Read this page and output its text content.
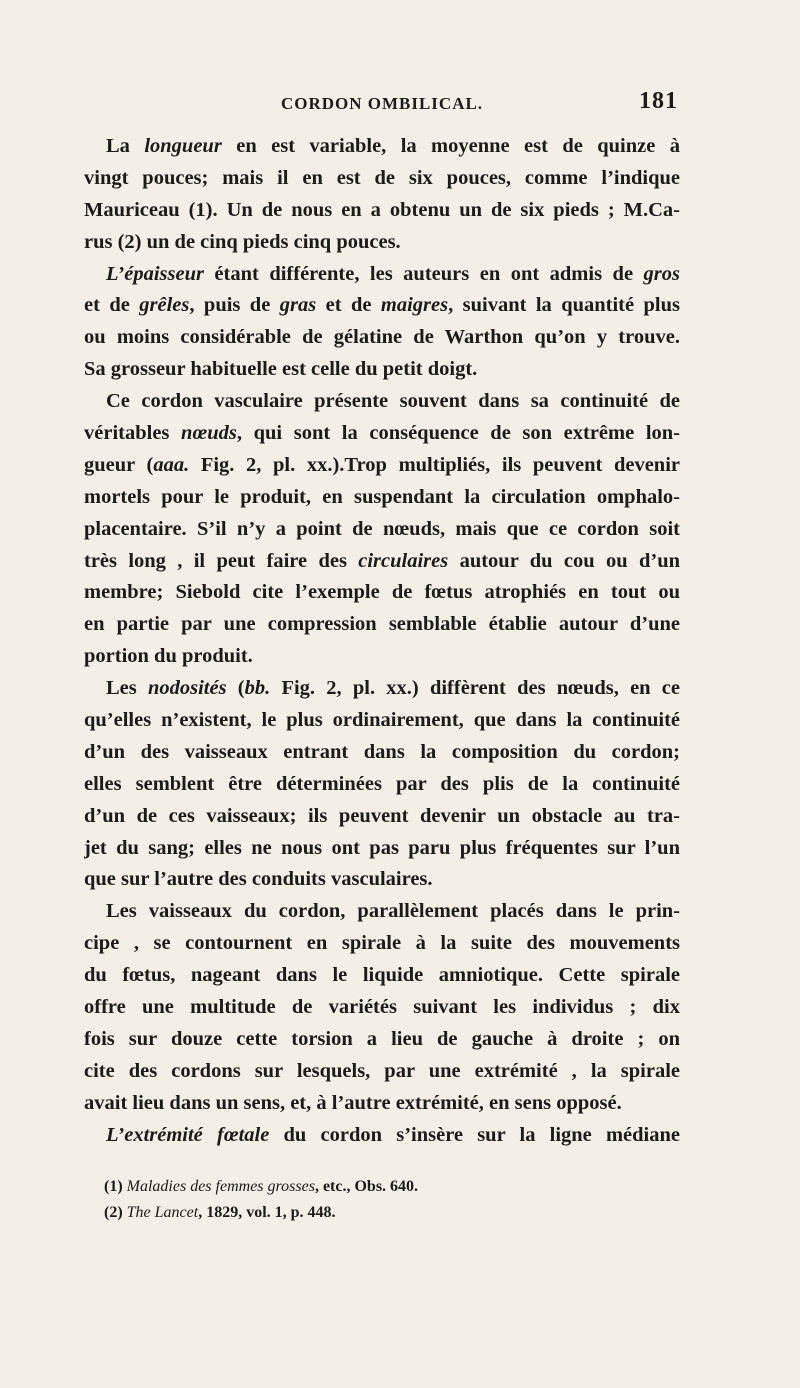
CORDON OMBILICAL.	181
La longueur en est variable, la moyenne est de quinze à
vingt pouces; mais il en est de six pouces, comme l’indique
Mauriceau (1). Un de nous en a obtenu un de six pieds ; M.Ca-
rus (2) un de cinq pieds cinq pouces.
L’épaisseur étant différente, les auteurs en ont admis de gros
et de grêles, puis de gras et de maigres, suivant la quantité plus
ou moins considérable de gélatine de Warthon qu’on y trouve.
Sa grosseur habituelle est celle du petit doigt.
Ce cordon vasculaire présente souvent dans sa continuité de
véritables nœuds, qui sont la conséquence de son extrême lon-
gueur (aaa. Fig. 2, pl. xx.).Trop multipliés, ils peuvent devenir
mortels pour le produit, en suspendant la circulation omphalo-
placentaire. S’il n’y a point de nœuds, mais que ce cordon soit
très long , il peut faire des circulaires autour du cou ou d’un
membre; Siebold cite l’exemple de fœtus atrophiés en tout ou
en partie par une compression semblable établie autour d’une
portion du produit.
Les nodosités (bb. Fig. 2, pl. xx.) diffèrent des nœuds, en ce
qu’elles n’existent, le plus ordinairement, que dans la continuité
d’un des vaisseaux entrant dans la composition du cordon;
elles semblent être déterminées par des plis de la continuité
d’un de ces vaisseaux; ils peuvent devenir un obstacle au tra-
jet du sang; elles ne nous ont pas paru plus fréquentes sur l’un
que sur l’autre des conduits vasculaires.
Les vaisseaux du cordon, parallèlement placés dans le prin-
cipe , se contournent en spirale à la suite des mouvements
du fœtus, nageant dans le liquide amniotique. Cette spirale
offre une multitude de variétés suivant les individus ; dix
fois sur douze cette torsion a lieu de gauche à droite ; on
cite des cordons sur lesquels, par une extrémité , la spirale
avait lieu dans un sens, et, à l’autre extrémité, en sens opposé.
L’extrémité fœtale du cordon s’insère sur la ligne médiane
(1) Maladies des femmes grosses, etc., Obs. 640.
(2) The Lancet, 1829, vol. 1, p. 448.
